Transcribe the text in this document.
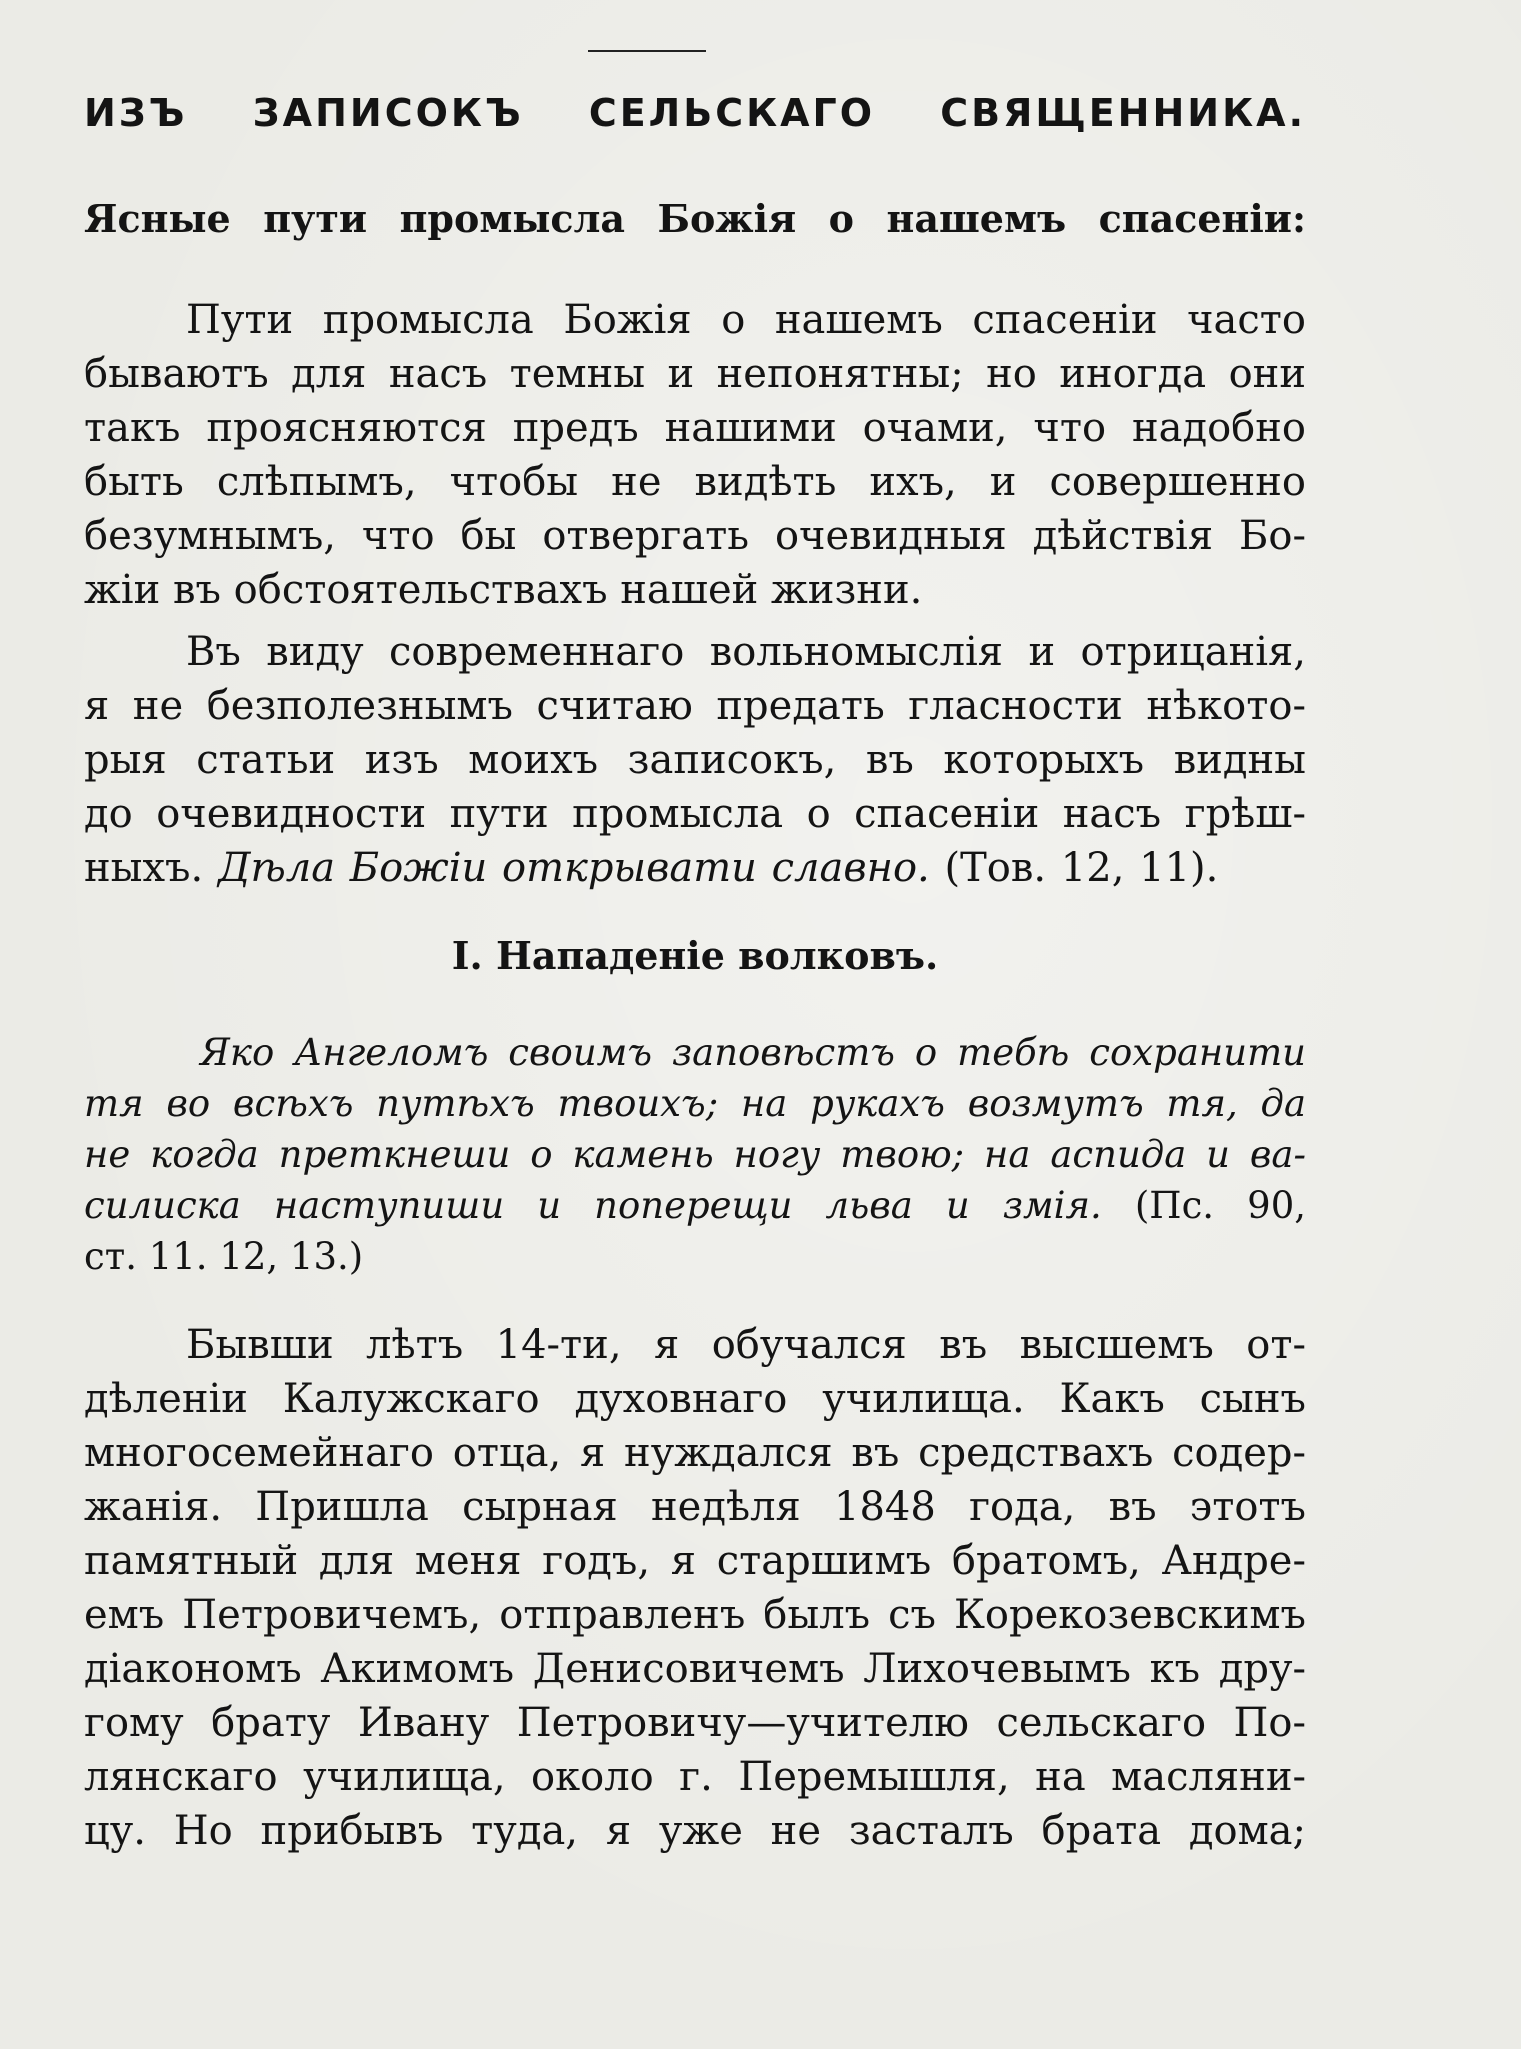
ИЗЪ ЗАПИСОКЪ СЕЛЬСКАГО СВЯЩЕННИКА.
Ясные пути промысла Божія о нашемъ спасеніи:
Пути промысла Божія о нашемъ спасеніи часто
бываютъ для насъ темны и непонятны; но иногда они
такъ проясняются предъ нашими очами, что надобно
быть слѣпымъ, чтобы не видѣть ихъ, и совершенно
безумнымъ, что бы отвергать очевидныя дѣйствія Бо-
жіи въ обстоятельствахъ нашей жизни.
Въ виду современнаго вольномыслія и отрицанія,
я не безполезнымъ считаю предать гласности нѣкото-
рыя статьи изъ моихъ записокъ, въ которыхъ видны
до очевидности пути промысла о спасеніи насъ грѣш-
ныхъ. Дѣла Божіи открывати славно. (Тов. 12, 11).
I. Нападеніе волковъ.
Яко Ангеломъ своимъ заповѣстъ о тебѣ сохранити
тя во всѣхъ путѣхъ твоихъ; на рукахъ возмутъ тя, да
не когда преткнеши о камень ногу твою; на аспида и ва-
силиска наступиши и поперещи льва и змія. (Пс. 90,
ст. 11. 12, 13.)
Бывши лѣтъ 14-ти, я обучался въ высшемъ от-
дѣленіи Калужскаго духовнаго училища. Какъ сынъ
многосемейнаго отца, я нуждался въ средствахъ содер-
жанія. Пришла сырная недѣля 1848 года, въ этотъ
памятный для меня годъ, я старшимъ братомъ, Андре-
емъ Петровичемъ, отправленъ былъ съ Корекозевскимъ
діакономъ Акимомъ Денисовичемъ Лихочевымъ къ дру-
гому брату Ивану Петровичу—учителю сельскаго По-
лянскаго училища, около г. Перемышля, на масляни-
цу. Но прибывъ туда, я уже не засталъ брата дома;
